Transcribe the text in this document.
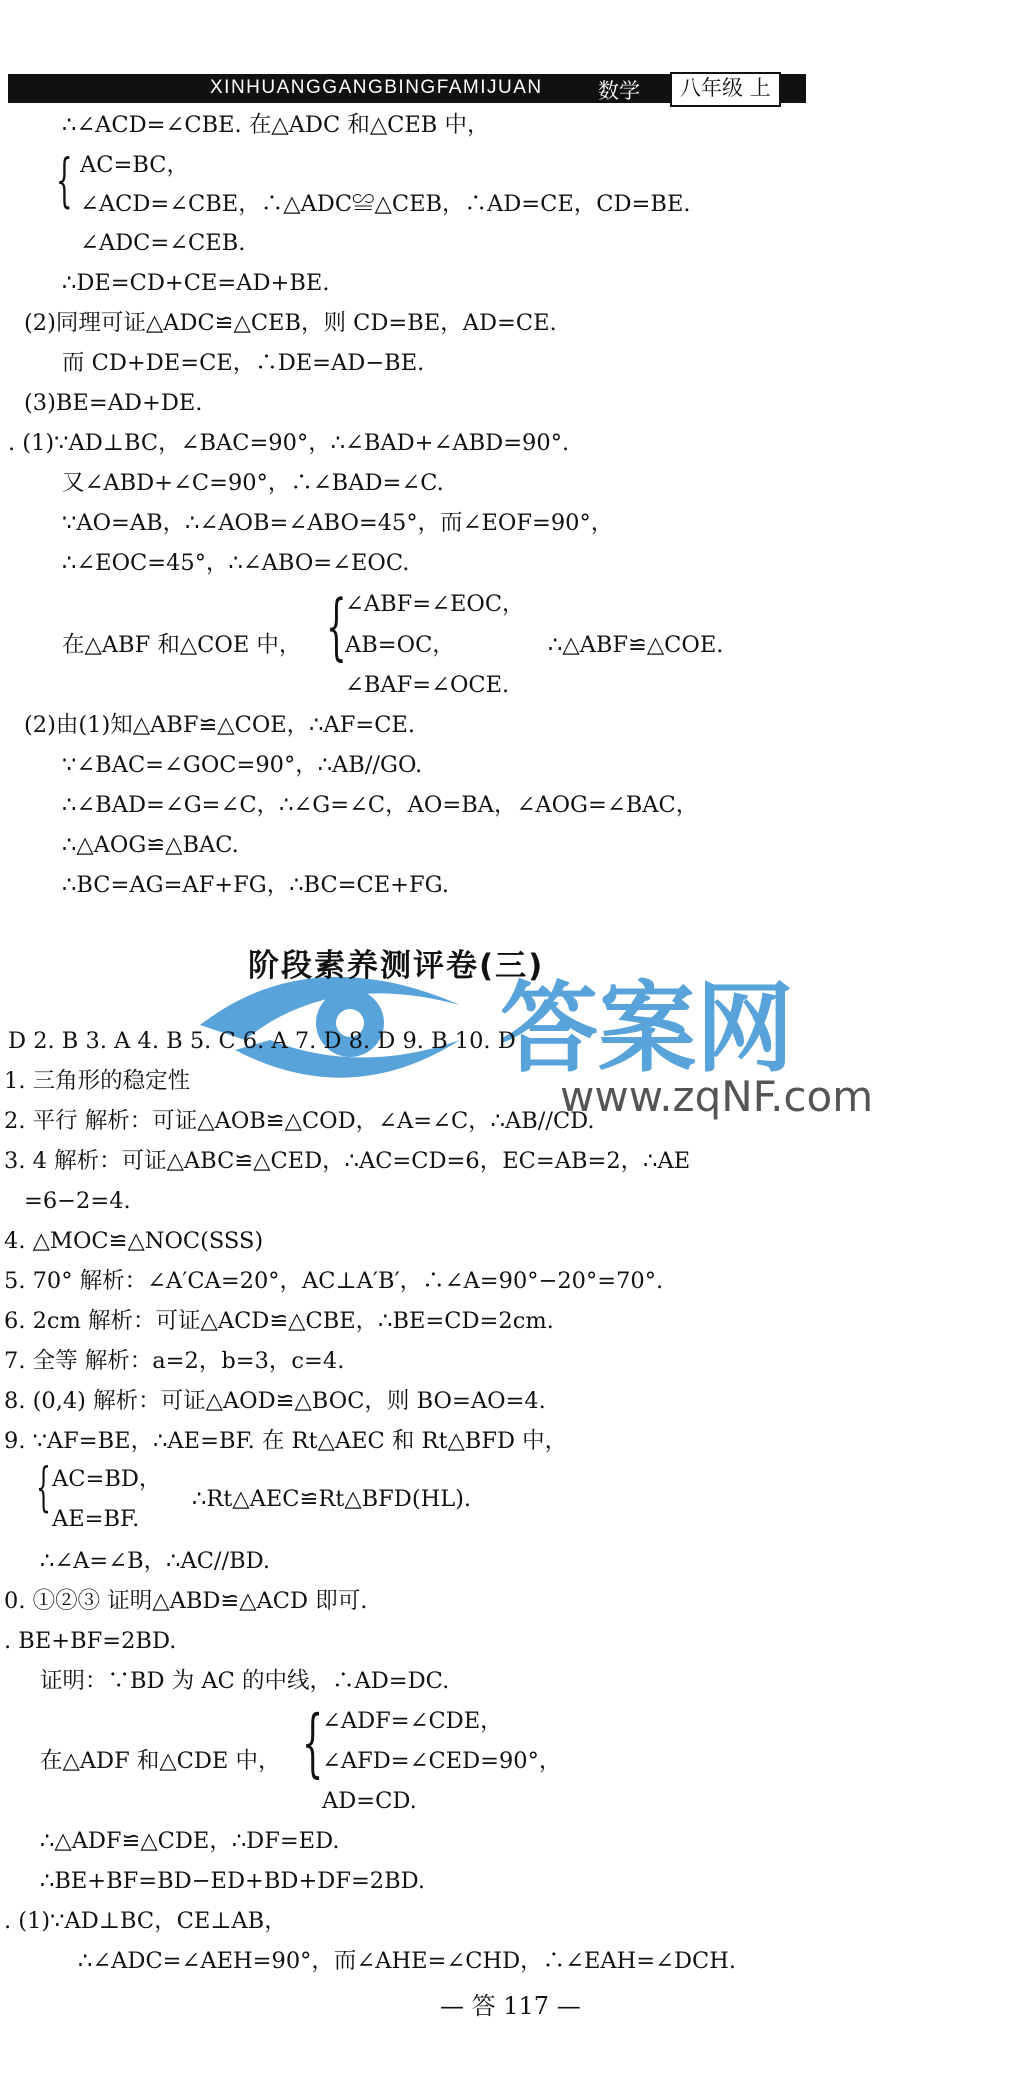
XINHUANGGANGBINGFAMIJUAN	数学	八年级 上
∴∠ACD=∠CBE. 在△ADC 和△CEB 中，
{ AC=BC，
∠ACD=∠CBE，∴△ADC≌△CEB，∴AD=CE，CD=BE.
∠ADC=∠CEB.
∴DE=CD+CE=AD+BE.
(2)同理可证△ADC≌△CEB，则 CD=BE，AD=CE.
而 CD+DE=CE，∴DE=AD−BE.
(3)BE=AD+DE.
. (1)∵AD⊥BC，∠BAC=90°，∴∠BAD+∠ABD=90°.
又∠ABD+∠C=90°，∴∠BAD=∠C.
∵AO=AB，∴∠AOB=∠ABO=45°，而∠EOF=90°，
∴∠EOC=45°，∴∠ABO=∠EOC.
{
∠ABF=∠EOC，
在△ABF 和△COE 中， AB=OC，	∴△ABF≌△COE.
∠BAF=∠OCE.
(2)由(1)知△ABF≌△COE，∴AF=CE.
∵∠BAC=∠GOC=90°，∴AB//GO.
∴∠BAD=∠G=∠C，∴∠G=∠C，AO=BA，∠AOG=∠BAC，
∴△AOG≌△BAC.
∴BC=AG=AF+FG，∴BC=CE+FG.
答案网
www.zqNF.com
阶段素养测评卷(三)
D 2. B 3. A 4. B 5. C 6. A 7. D 8. D 9. B 10. D
1. 三角形的稳定性
2. 平行 解析：可证△AOB≌△COD，∠A=∠C，∴AB//CD.
3. 4 解析：可证△ABC≌△CED，∴AC=CD=6，EC=AB=2，∴AE
=6−2=4.
4. △MOC≌△NOC(SSS)
5. 70° 解析：∠A′CA=20°，AC⊥A′B′，∴∠A=90°−20°=70°.
6. 2cm 解析：可证△ACD≌△CBE，∴BE=CD=2cm.
7. 全等 解析：a=2，b=3，c=4.
8. (0,4) 解析：可证△AOD≌△BOC，则 BO=AO=4.
9. ∵AF=BE，∴AE=BF. 在 Rt△AEC 和 Rt△BFD 中，
{ AC=BD，
∴Rt△AEC≌Rt△BFD(HL).
AE=BF.
∴∠A=∠B，∴AC//BD.
0. ①②③ 证明△ABD≌△ACD 即可.
. BE+BF=2BD.
证明：∵BD 为 AC 的中线，∴AD=DC.
{
∠ADF=∠CDE，
在△ADF 和△CDE 中， ∠AFD=∠CED=90°，
AD=CD.
∴△ADF≌△CDE，∴DF=ED.
∴BE+BF=BD−ED+BD+DF=2BD.
. (1)∵AD⊥BC，CE⊥AB，
∴∠ADC=∠AEH=90°，而∠AHE=∠CHD，∴∠EAH=∠DCH.
— 答 117 —
